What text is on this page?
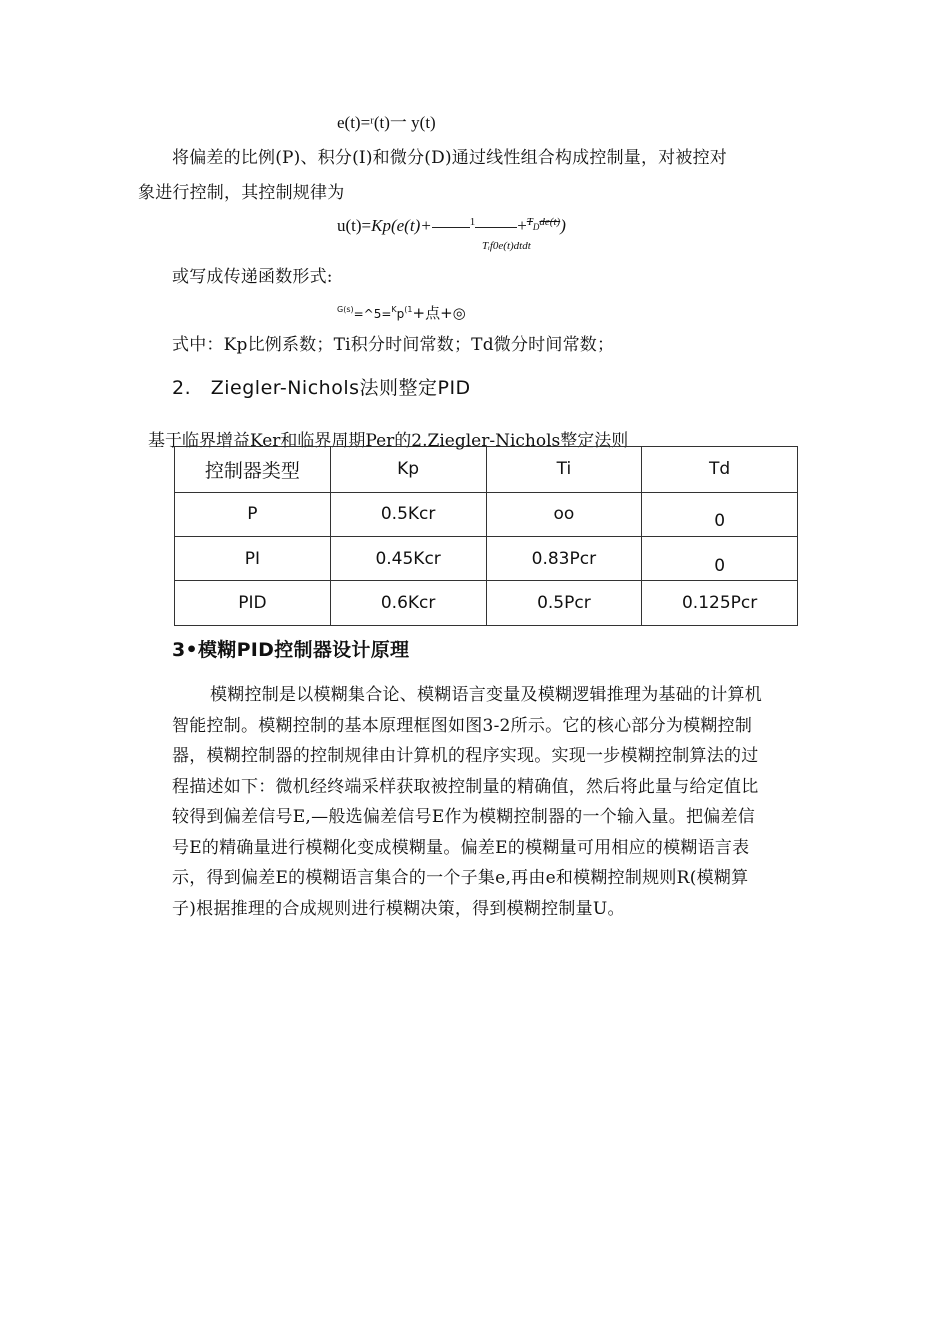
e(t)=ʳ(t)一 y(t)
将偏差的比例(P)、积分(I)和微分(D)通过线性组合构成控制量，对被控对
象进行控制，其控制规律为
u(t)=Kp(e(t)+	$^1 +^TD^{de(t)}$)
Tᵢf0e(t)dtdt
或写成传递函数形式:
$^{G(s)}=\^{}5=^Kp^{(1}+$点+◎
式中：Kp比例系数；Ti积分时间常数；Td微分时间常数；
2.   Ziegler-Nichols法则整定PID
基于临界增益Ker和临界周期Per的2.Ziegler-Nichols整定法则
控制器类型	Kp	Ti	Td
P	0.5Kcr	oo	0
PI	0.45Kcr	0.83Pcr	0
PID	0.6Kcr	0.5Pcr	0.125Pcr
3•模糊PID控制器设计原理
模糊控制是以模糊集合论、模糊语言变量及模糊逻辑推理为基础的计算机
智能控制。模糊控制的基本原理框图如图3-2所示。它的核心部分为模糊控制
器，模糊控制器的控制规律由计算机的程序实现。实现一步模糊控制算法的过
程描述如下：微机经终端采样获取被控制量的精确值，然后将此量与给定值比
较得到偏差信号E,—般选偏差信号E作为模糊控制器的一个输入量。把偏差信
号E的精确量进行模糊化变成模糊量。偏差E的模糊量可用相应的模糊语言表
示，得到偏差E的模糊语言集合的一个子集e,再由e和模糊控制规则R(模糊算
子)根据推理的合成规则进行模糊决策，得到模糊控制量U。
